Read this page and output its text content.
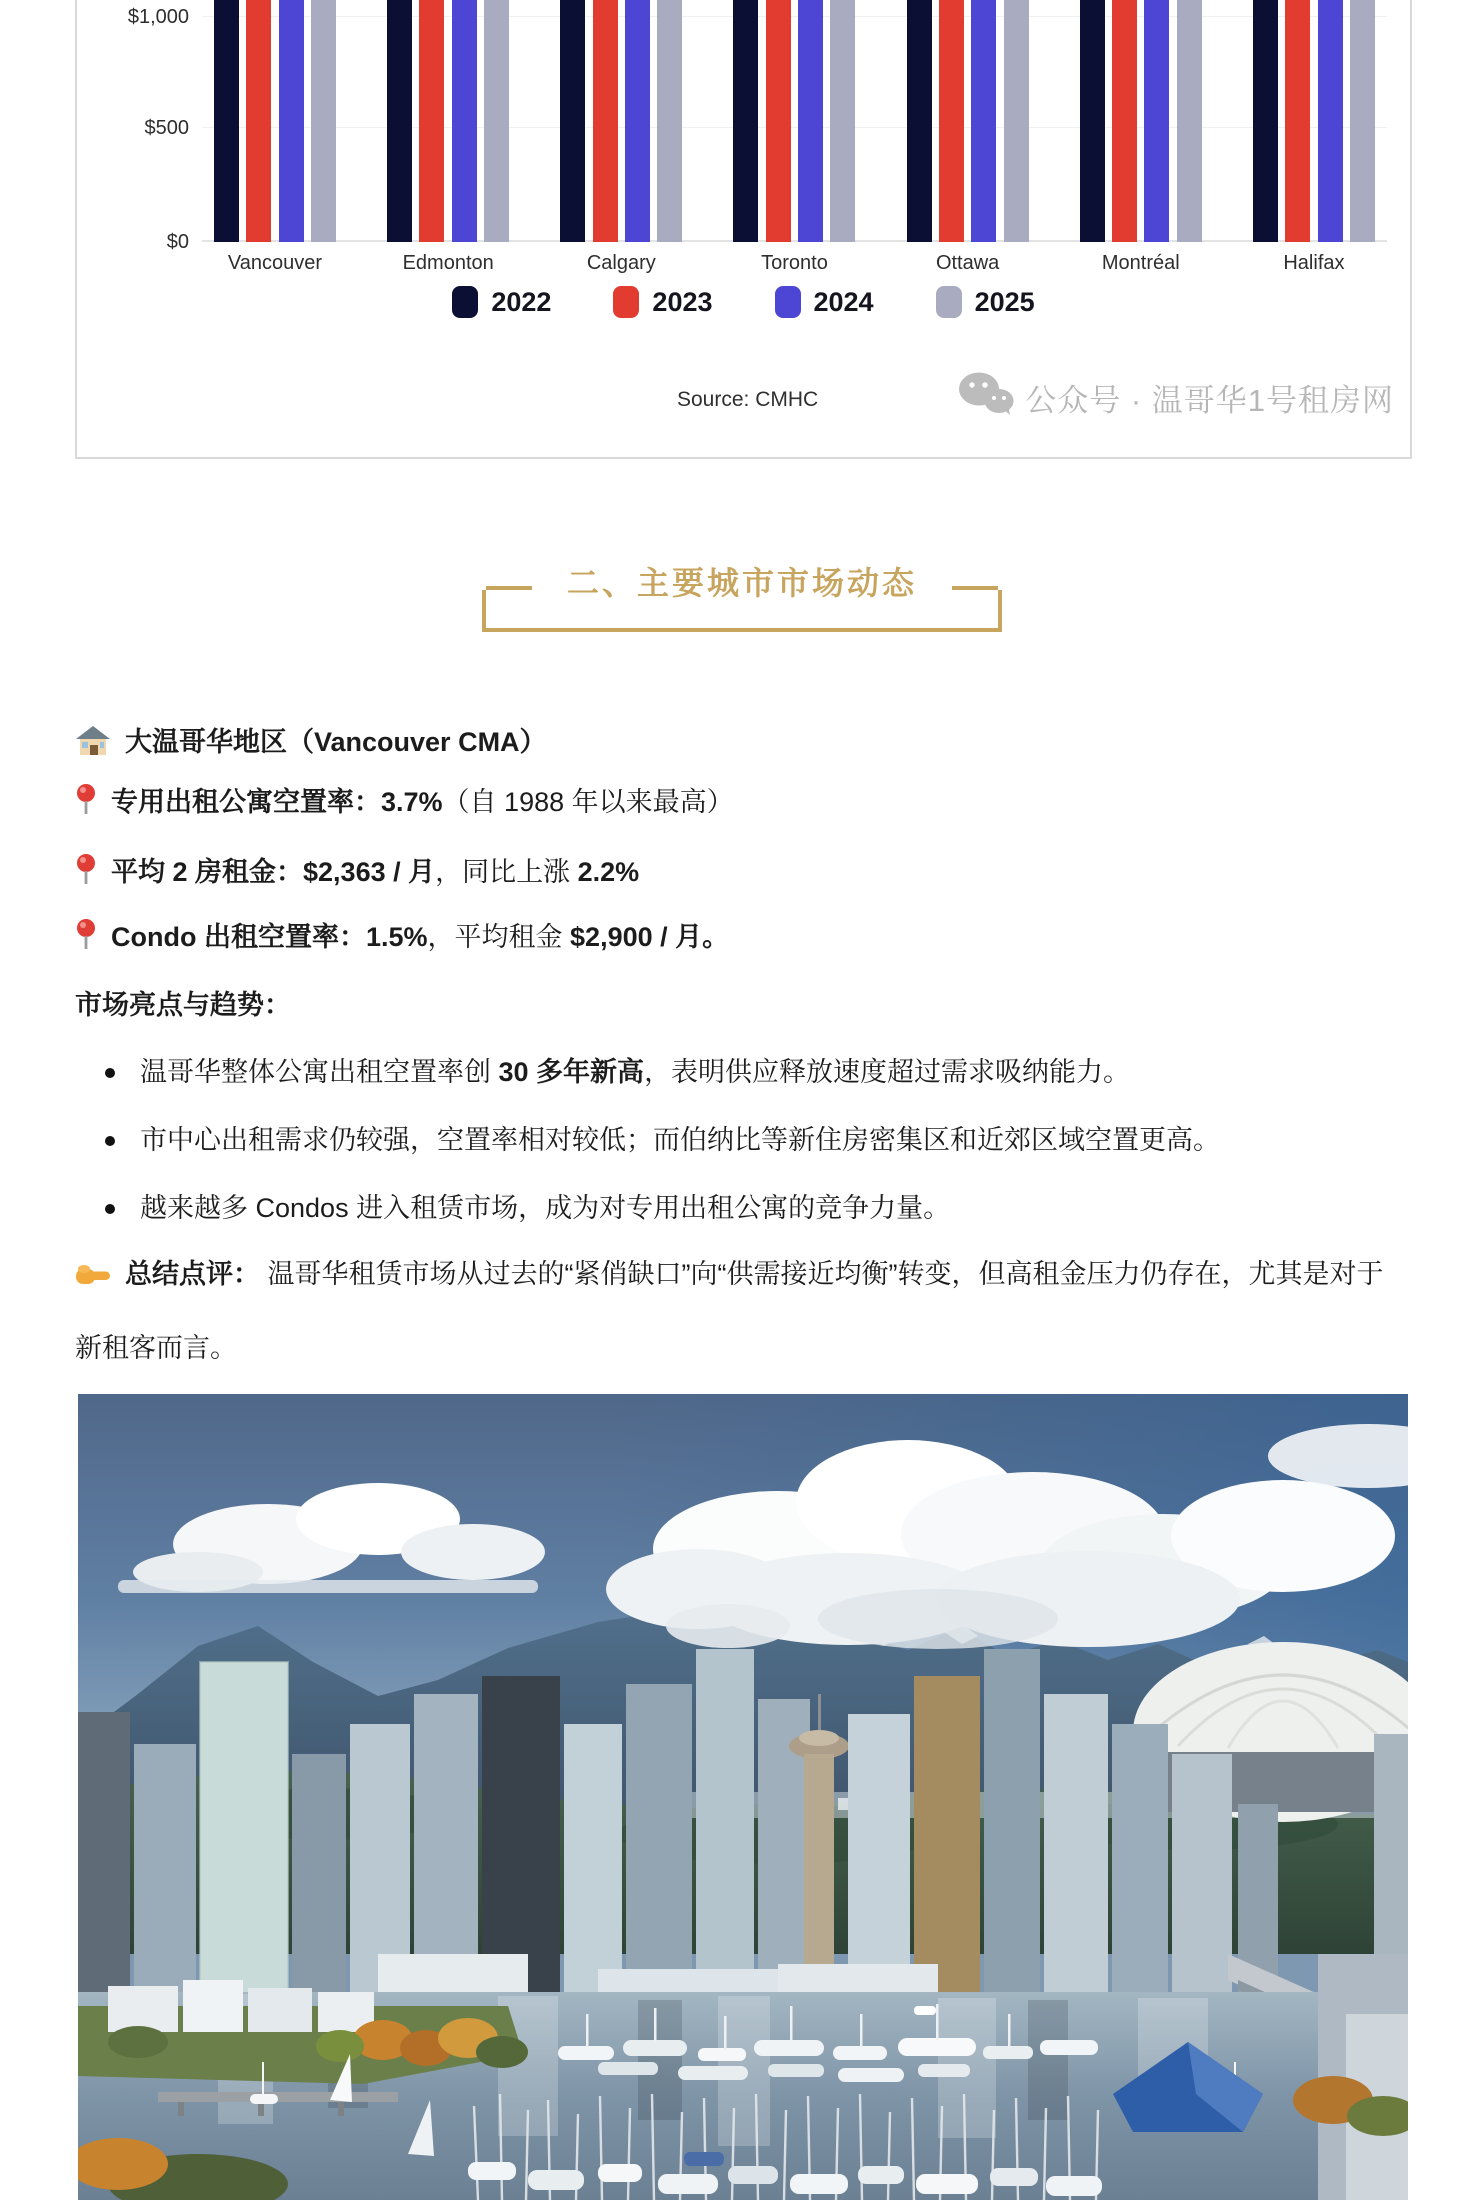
Vancouver	Edmonton	Calgary	Toronto	Ottawa	Montréal	Halifax
$0
$500
$1,000
2022	2023	2024	2025
Source: CMHC	公众号 · 温哥华1号租房网
二、主要城市市场动态

大温哥华地区（Vancouver CMA）

专用出租公寓空置率：3.7%（自 1988 年以来最高）

平均 2 房租金：$2,363 / 月，同比上涨 2.2%

Condo 出租空置率：1.5%，平均租金 $2,900 / 月。

市场亮点与趋势：

温哥华整体公寓出租空置率创 30 多年新高，表明供应释放速度超过需求吸纳能力。
市中心出租需求仍较强，空置率相对较低；而伯纳比等新住房密集区和近郊区域空置更高。
越来越多 Condos 进入租赁市场，成为对专用出租公寓的竞争力量。

总结点评： 温哥华租赁市场从过去的“紧俏缺口”向“供需接近均衡”转变，但高租金压力仍存在，尤其是对于新租客而言。
